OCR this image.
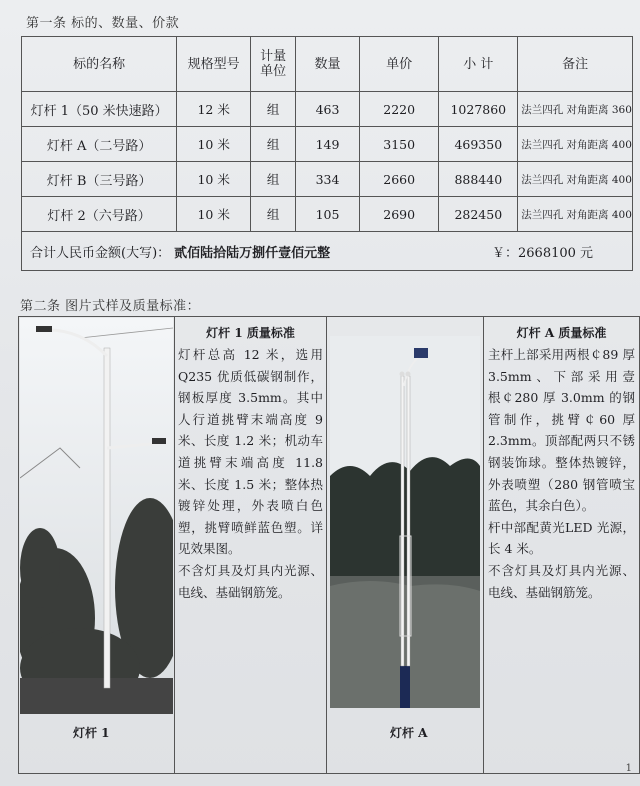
第一条 标的、数量、价款
标的名称	规格型号	计量单位	数量	单价	小 计	备注
灯杆 1（50 米快速路）	12 米	组	463	2220	1027860	法兰四孔 对角距离 360
灯杆 A（二号路）	10 米	组	149	3150	469350	法兰四孔 对角距离 400
灯杆 B（三号路）	10 米	组	334	2660	888440	法兰四孔 对角距离 400
灯杆 2（六号路）	10 米	组	105	2690	282450	法兰四孔 对角距离 400
合计人民币金额(大写)： 贰佰陆拾陆万捌仟壹佰元整 ￥：2668100 元						
第二条 图片式样及质量标准：
灯杆 1
灯杆 1 质量标准

灯杆总高 12 米，选用 Q235 优质低碳钢制作，钢板厚度 3.5mm。其中人行道挑臂末端高度 9 米、长度 1.2 米；机动车道挑臂末端高度 11.8 米、长度 1.5 米；整体热镀锌处理，外表喷白色塑，挑臂喷鲜蓝色塑。详见效果图。

不含灯具及灯具内光源、电线、基础钢筋笼。

灯杆 A
灯杆 A 质量标准

主杆上部采用两根￠89 厚 3.5mm、下部采用壹根￠280 厚 3.0mm 的钢管制作，挑臂￠60 厚 2.3mm。顶部配两只不锈钢装饰球。整体热镀锌，外表喷塑（280 钢管喷宝蓝色，其余白色）。

杆中部配黄光LED 光源，长 4 米。

不含灯具及灯具内光源、电线、基础钢筋笼。

1
